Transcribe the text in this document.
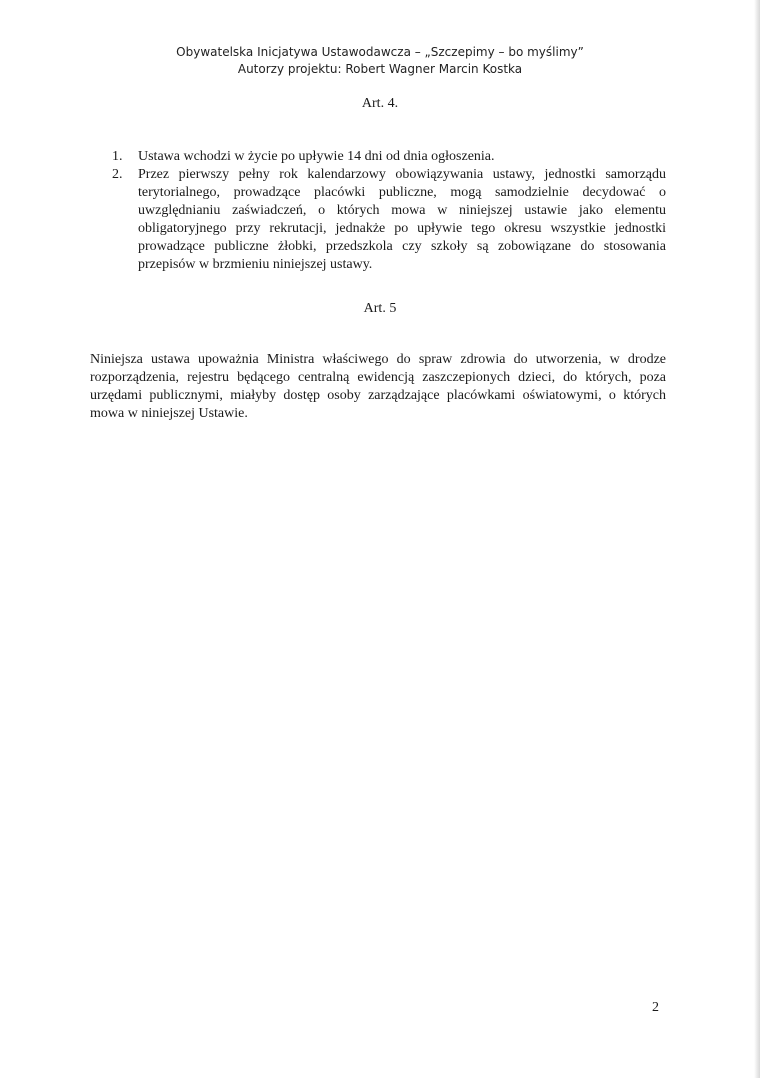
Obywatelska Inicjatywa Ustawodawcza – „Szczepimy – bo myślimy”
Autorzy projektu: Robert Wagner Marcin Kostka
Art. 4.
1. Ustawa wchodzi w życie po upływie 14 dni od dnia ogłoszenia.
2. Przez pierwszy pełny rok kalendarzowy obowiązywania ustawy, jednostki samorządu terytorialnego, prowadzące placówki publiczne, mogą samodzielnie decydować o uwzględnianiu zaświadczeń, o których mowa w niniejszej ustawie jako elementu obligatoryjnego przy rekrutacji, jednakże po upływie tego okresu wszystkie jednostki prowadzące publiczne żłobki, przedszkola czy szkoły są zobowiązane do stosowania przepisów w brzmieniu niniejszej ustawy.
Art. 5

Niniejsza ustawa upoważnia Ministra właściwego do spraw zdrowia do utworzenia, w drodze rozporządzenia, rejestru będącego centralną ewidencją zaszczepionych dzieci, do których, poza urzędami publicznymi, miałyby dostęp osoby zarządzające placówkami oświatowymi, o których mowa w niniejszej Ustawie.

2
